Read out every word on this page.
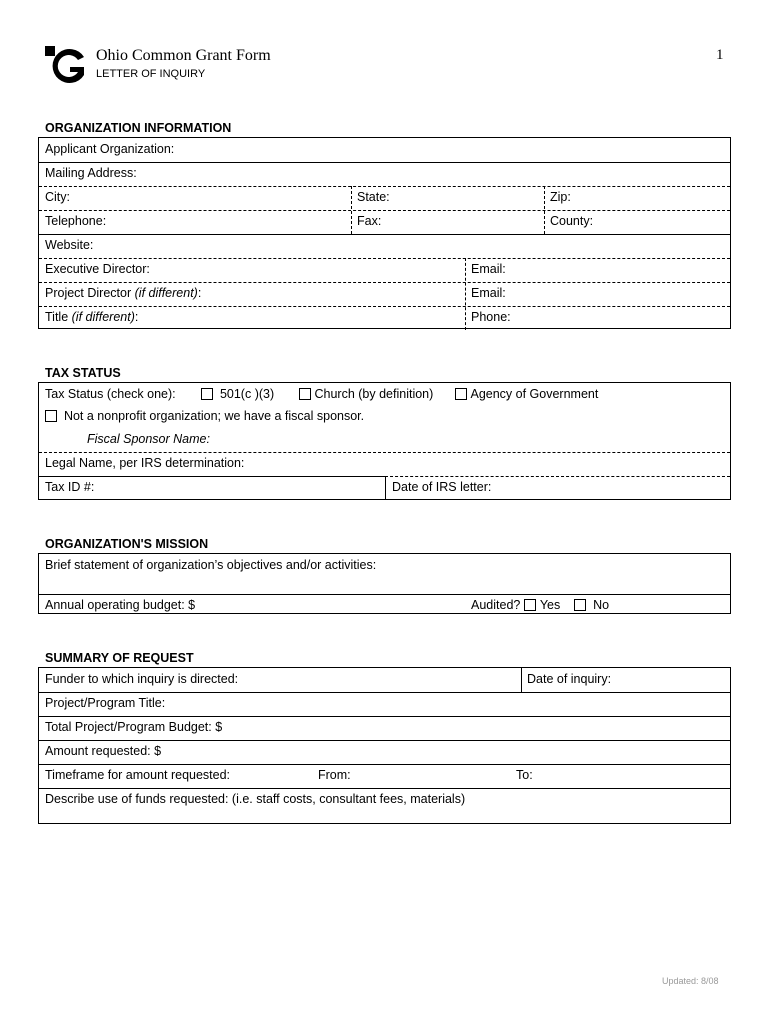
Ohio Common Grant Form
LETTER OF INQUIRY
1
ORGANIZATION INFORMATION
Applicant Organization:
Mailing Address:
City:	State:	Zip:
Telephone:	Fax:	County:
Website:
Executive Director:	Email:
Project Director (if different):	Email:
Title (if different):	Phone:
TAX STATUS
Tax Status (check one):	501(c )(3)	Church (by definition)	Agency of Government
Not a nonprofit organization; we have a fiscal sponsor.
Fiscal Sponsor Name:
Legal Name, per IRS determination:
Tax ID #:	Date of IRS letter:
ORGANIZATION'S MISSION
Brief statement of organization’s objectives and/or activities:
Annual operating budget: $	Audited? Yes	No
SUMMARY OF REQUEST
Funder to which inquiry is directed:	Date of inquiry:
Project/Program Title:
Total Project/Program Budget: $
Amount requested: $
Timeframe for amount requested:	From:	To:
Describe use of funds requested: (i.e. staff costs, consultant fees, materials)
Updated: 8/08
